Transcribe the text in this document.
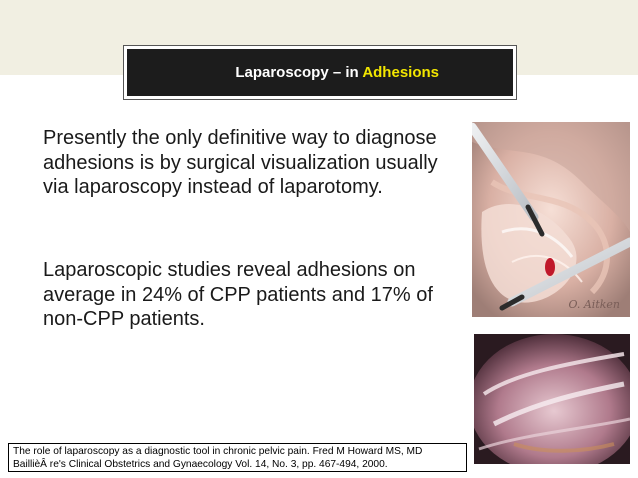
Laparoscopy – in Adhesions

Presently the only definitive way to diagnose adhesions is by surgical visualization usually via laparoscopy instead of laparotomy.

Laparoscopic studies reveal adhesions on average in 24% of CPP patients and 17% of non-CPP patients.

O. Aitken
The role of laparoscopy as a diagnostic tool in chronic pelvic pain. Fred M Howard MS, MD
BaillièÂ re's Clinical Obstetrics and Gynaecology Vol. 14, No. 3, pp. 467-494, 2000.
